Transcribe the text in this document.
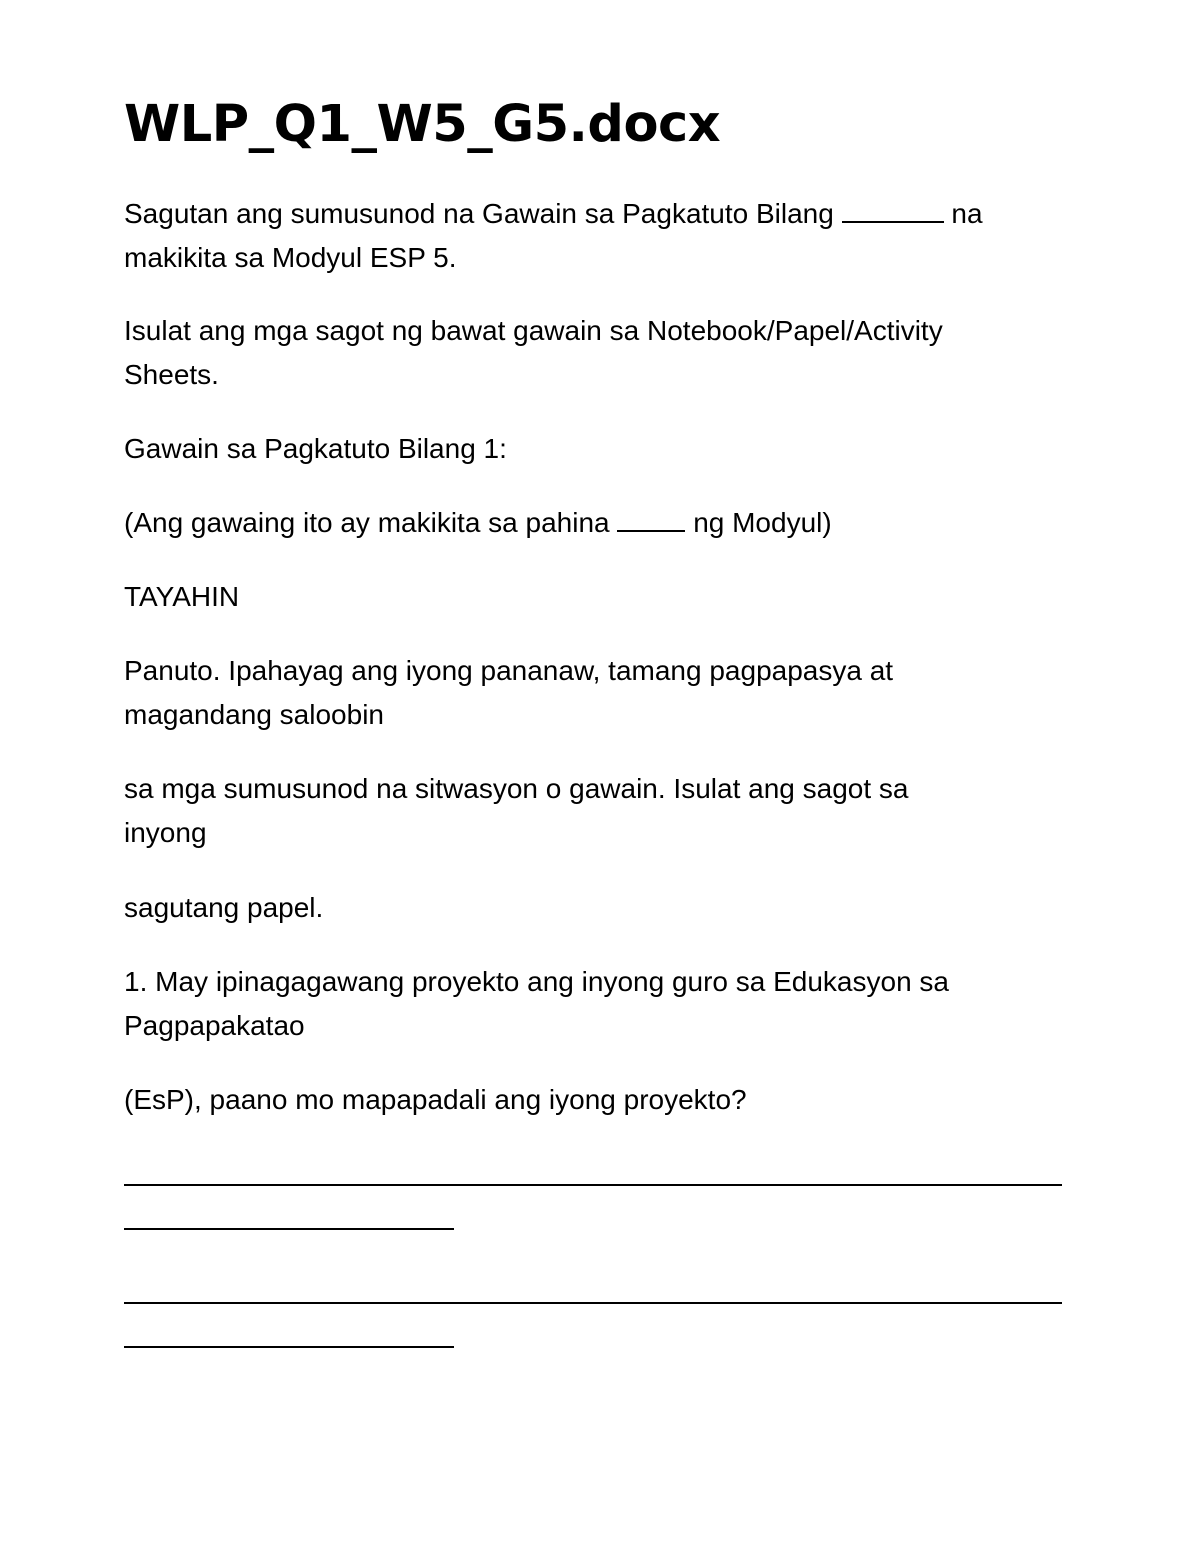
WLP_Q1_W5_G5.docx

Sagutan ang sumusunod na Gawain sa Pagkatuto Bilang	na

makikita sa Modyul ESP 5.

Isulat ang mga sagot ng bawat gawain sa Notebook/Papel/Activity

Sheets.

Gawain sa Pagkatuto Bilang 1:

(Ang gawaing ito ay makikita sa pahina	ng Modyul)

TAYAHIN

Panuto. Ipahayag ang iyong pananaw, tamang pagpapasya at

magandang saloobin

sa mga sumusunod na sitwasyon o gawain. Isulat ang sagot sa

inyong

sagutang papel.

1. May ipinagagawang proyekto ang inyong guro sa Edukasyon sa

Pagpapakatao

(EsP), paano mo mapapadali ang iyong proyekto?
